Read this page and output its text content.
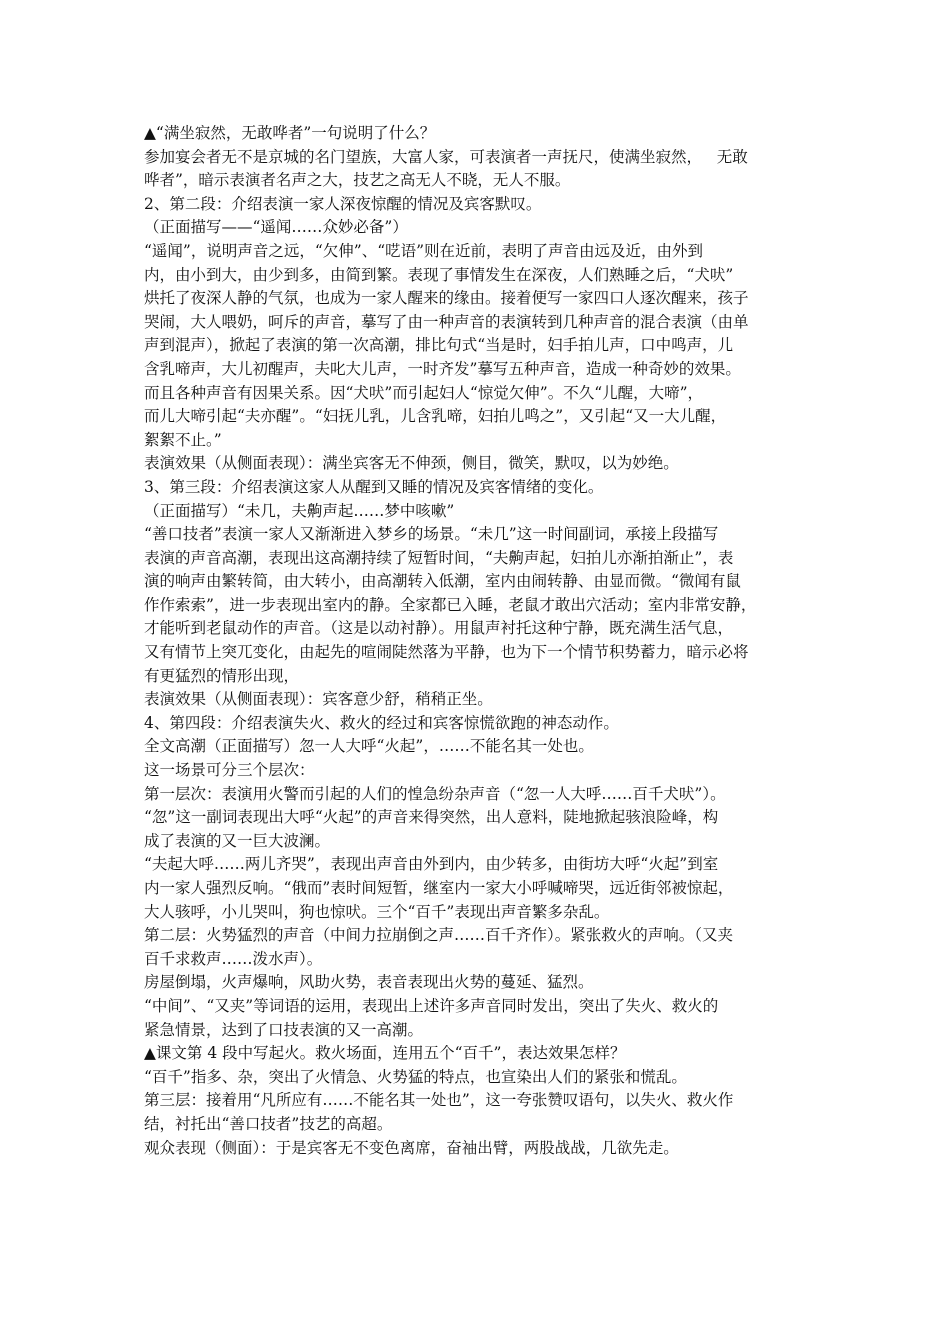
▲“满坐寂然，无敢哗者”一句说明了什么？
参加宴会者无不是京城的名门望族，大富人家，可表演者一声抚尺，使满坐寂然，   无敢
哗者”，暗示表演者名声之大，技艺之高无人不晓，无人不服。
2、第二段：介绍表演一家人深夜惊醒的情况及宾客默叹。
（正面描写——“遥闻……众妙必备”）
“遥闻”，说明声音之远，“欠伸”、“呓语”则在近前，表明了声音由远及近，由外到
内，由小到大，由少到多，由简到繁。表现了事情发生在深夜，人们熟睡之后，“犬吠”
烘托了夜深人静的气氛，也成为一家人醒来的缘由。接着便写一家四口人逐次醒来，孩子
哭闹，大人喂奶，呵斥的声音，摹写了由一种声音的表演转到几种声音的混合表演（由单
声到混声），掀起了表演的第一次高潮，排比句式“当是时，妇手拍儿声，口中鸣声，儿
含乳啼声，大儿初醒声，夫叱大儿声，一时齐发”摹写五种声音，造成一种奇妙的效果。
而且各种声音有因果关系。因“犬吠”而引起妇人“惊觉欠伸”。不久“儿醒，大啼”，
而儿大啼引起“夫亦醒”。“妇抚儿乳，儿含乳啼，妇拍儿鸣之”，又引起“又一大儿醒，
絮絮不止。”
表演效果（从侧面表现）：满坐宾客无不伸颈，侧目，微笑，默叹，以为妙绝。
3、第三段：介绍表演这家人从醒到又睡的情况及宾客情绪的变化。
（正面描写）“未几，夫齁声起……梦中咳嗽”
“善口技者”表演一家人又渐渐进入梦乡的场景。“未几”这一时间副词，承接上段描写
表演的声音高潮，表现出这高潮持续了短暂时间，“夫齁声起，妇拍儿亦渐拍渐止”，表
演的响声由繁转简，由大转小，由高潮转入低潮，室内由闹转静、由显而微。“微闻有鼠
作作索索”，进一步表现出室内的静。全家都已入睡，老鼠才敢出穴活动；室内非常安静，
才能听到老鼠动作的声音。（这是以动衬静）。用鼠声衬托这种宁静，既充满生活气息，
又有情节上突兀变化，由起先的喧闹陡然落为平静，也为下一个情节积势蓄力，暗示必将
有更猛烈的情形出现，
表演效果（从侧面表现）：宾客意少舒，稍稍正坐。
4、第四段：介绍表演失火、救火的经过和宾客惊慌欲跑的神态动作。
全文高潮（正面描写）忽一人大呼“火起”，……不能名其一处也。
这一场景可分三个层次：
第一层次：表演用火警而引起的人们的惶急纷杂声音（“忽一人大呼……百千犬吠”）。
“忽”这一副词表现出大呼“火起”的声音来得突然，出人意料，陡地掀起骇浪险峰，构
成了表演的又一巨大波澜。
“夫起大呼……两儿齐哭”，表现出声音由外到内，由少转多，由街坊大呼“火起”到室
内一家人强烈反响。“俄而”表时间短暂，继室内一家大小呼喊啼哭，远近街邻被惊起，
大人骇呼，小儿哭叫，狗也惊吠。三个“百千”表现出声音繁多杂乱。
第二层：火势猛烈的声音（中间力拉崩倒之声……百千齐作）。紧张救火的声响。（又夹
百千求救声……泼水声）。
房屋倒塌，火声爆响，风助火势，表音表现出火势的蔓延、猛烈。
“中间”、“又夹”等词语的运用，表现出上述许多声音同时发出，突出了失火、救火的
紧急情景，达到了口技表演的又一高潮。
▲课文第 4 段中写起火。救火场面，连用五个“百千”，表达效果怎样？
“百千”指多、杂，突出了火情急、火势猛的特点，也宣染出人们的紧张和慌乱。
第三层：接着用“凡所应有……不能名其一处也”，这一夸张赞叹语句，以失火、救火作
结，衬托出“善口技者”技艺的高超。
观众表现（侧面）：于是宾客无不变色离席，奋袖出臂，两股战战，几欲先走。
